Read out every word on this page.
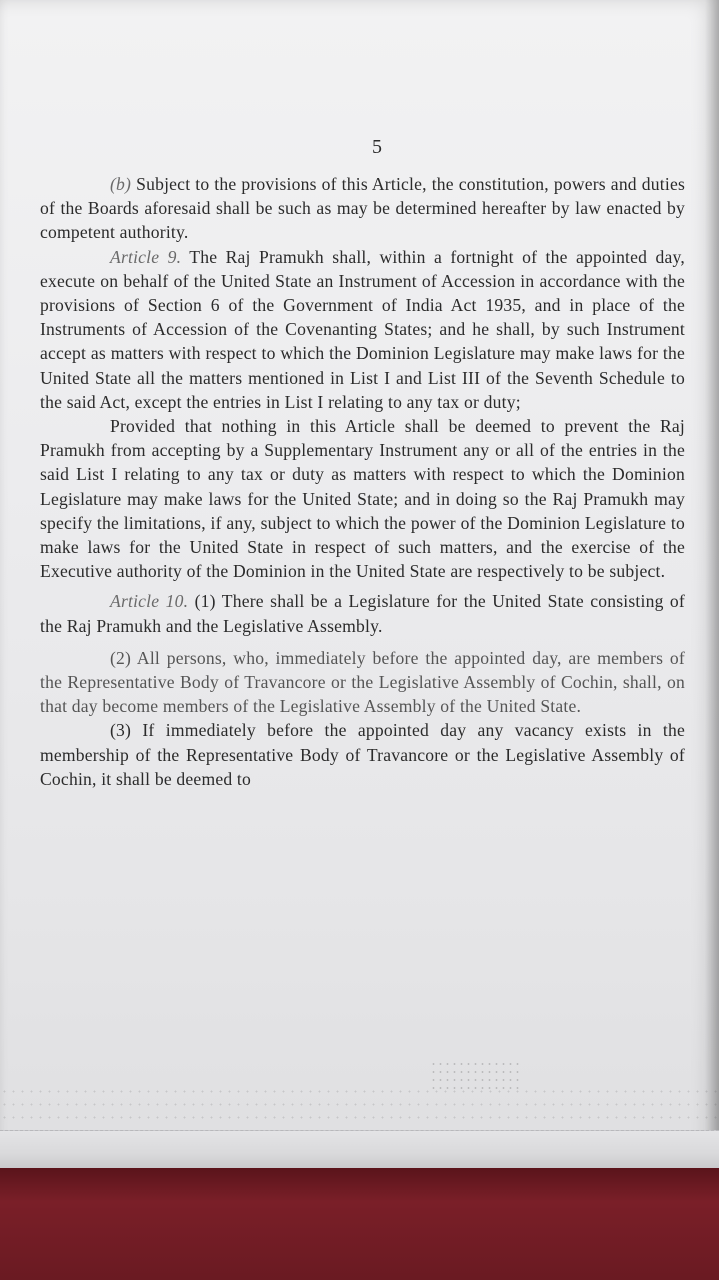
5

(b) Subject to the provisions of this Article, the constitution, powers and duties of the Boards aforesaid shall be such as may be determined hereafter by law enacted by competent authority.

Article 9. The Raj Pramukh shall, within a fortnight of the appointed day, execute on behalf of the United State an Instrument of Accession in accordance with the provisions of Section 6 of the Government of India Act 1935, and in place of the Instruments of Accession of the Covenanting States; and he shall, by such Instrument accept as matters with respect to which the Dominion Legislature may make laws for the United State all the matters mentioned in List I and List III of the Seventh Schedule to the said Act, except the entries in List I relating to any tax or duty;

Provided that nothing in this Article shall be deemed to prevent the Raj Pramukh from accepting by a Supplementary Instrument any or all of the entries in the said List I relating to any tax or duty as matters with respect to which the Dominion Legislature may make laws for the United State; and in doing so the Raj Pramukh may specify the limitations, if any, subject to which the power of the Dominion Legislature to make laws for the United State in respect of such matters, and the exercise of the Executive authority of the Dominion in the United State are respectively to be subject.

Article 10. (1) There shall be a Legislature for the United State consisting of the Raj Pramukh and the Legislative Assembly.

(2) All persons, who, immediately before the appointed day, are members of the Representative Body of Travancore or the Legislative Assembly of Cochin, shall, on that day become members of the Legislative Assembly of the United State.

(3) If immediately before the appointed day any vacancy exists in the membership of the Representative Body of Travancore or the Legislative Assembly of Cochin, it shall be deemed to
